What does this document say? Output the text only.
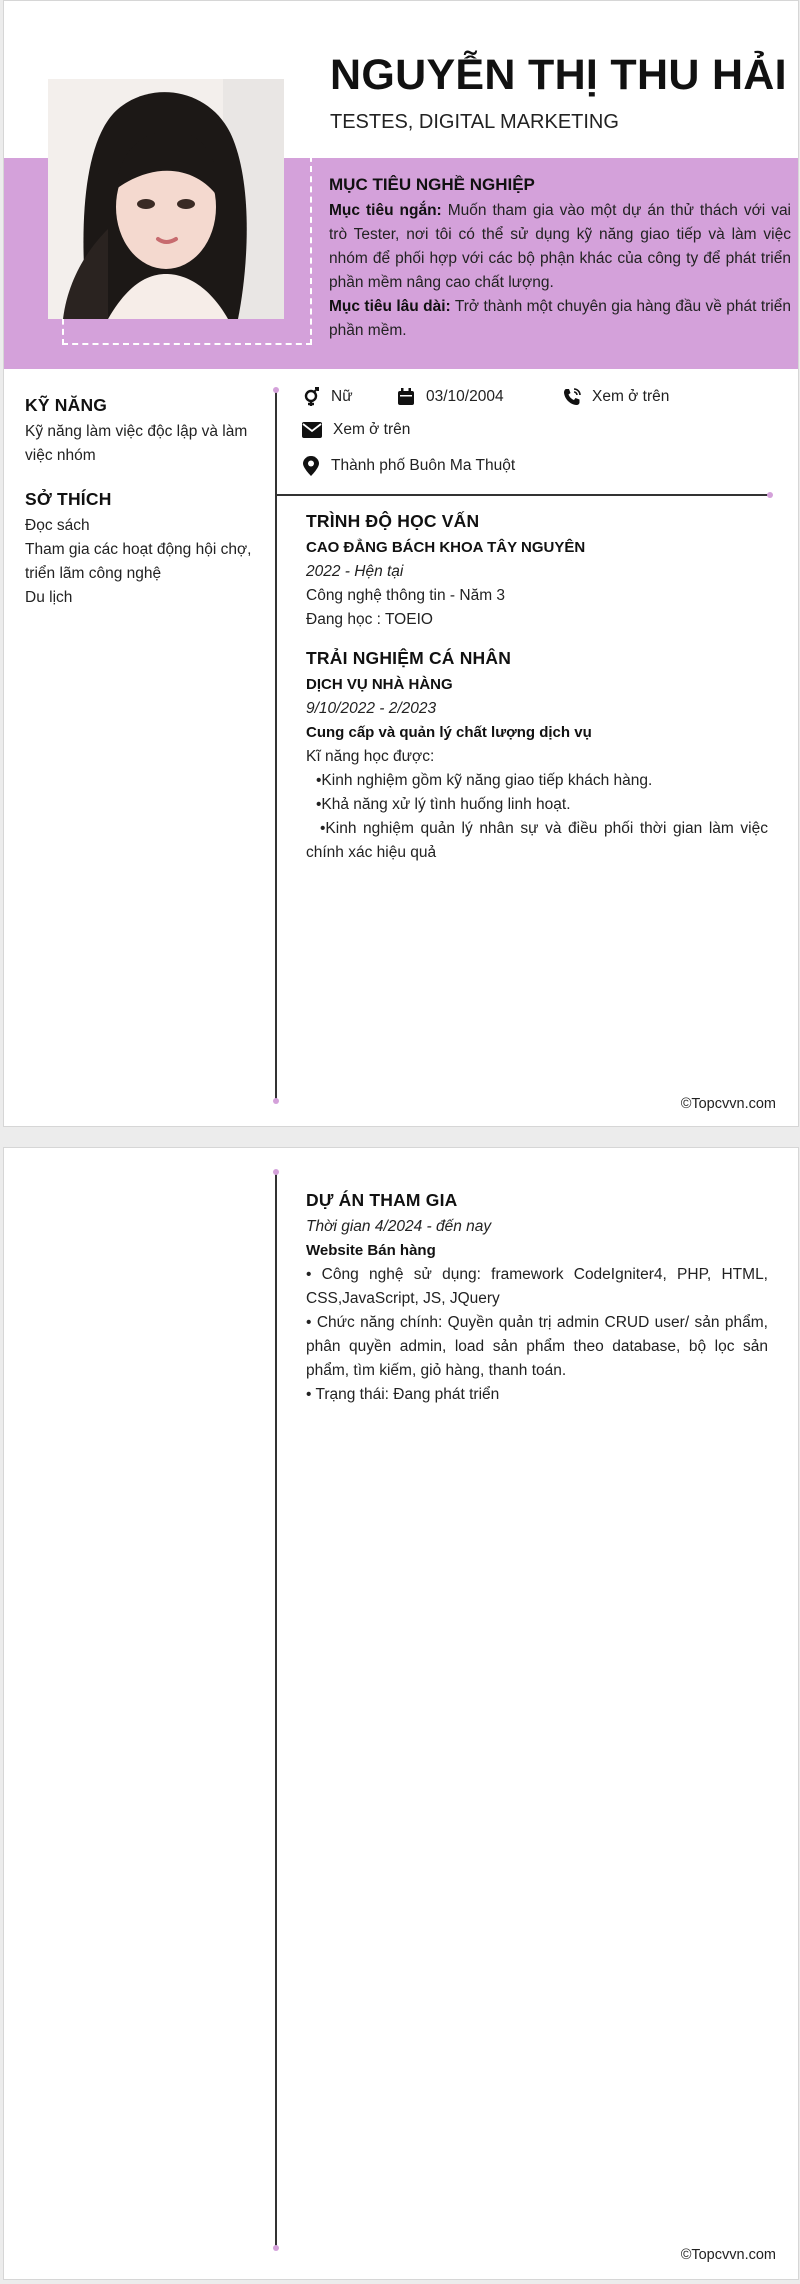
NGUYỄN THỊ THU HẢI
TESTES, DIGITAL MARKETING
MỤC TIÊU NGHỀ NGHIỆP
Mục tiêu ngắn: Muốn tham gia vào một dự án thử thách với vai trò Tester, nơi tôi có thể sử dụng kỹ năng giao tiếp và làm việc nhóm để phối hợp với các bộ phận khác của công ty để phát triển phần mềm nâng cao chất lượng.
Mục tiêu lâu dài: Trở thành một chuyên gia hàng đầu về phát triển phần mềm.
KỸ NĂNG
Kỹ năng làm việc độc lập và làm việc nhóm
SỞ THÍCH
Đọc sách
Tham gia các hoạt động hội chợ, triển lãm công nghệ
Du lịch
Nữ	03/10/2004	Xem ở trên
Xem ở trên
Thành phố Buôn Ma Thuột
TRÌNH ĐỘ HỌC VẤN
CAO ĐẲNG BÁCH KHOA TÂY NGUYÊN
2022 - Hện tại
Công nghệ thông tin - Năm 3
Đang học : TOEIO
TRẢI NGHIỆM CÁ NHÂN
DỊCH VỤ NHÀ HÀNG
9/10/2022 - 2/2023
Cung cấp và quản lý chất lượng dịch vụ
Kĩ năng học được:
•Kinh nghiệm gồm kỹ năng giao tiếp khách hàng.
•Khả năng xử lý tình huống linh hoạt.
•Kinh nghiệm quản lý nhân sự và điều phối thời gian làm việc chính xác hiệu quả
©Topcvvn.com
DỰ ÁN THAM GIA
Thời gian 4/2024 - đến nay
Website Bán hàng
• Công nghệ sử dụng: framework CodeIgniter4, PHP, HTML, CSS,JavaScript, JS, JQuery
• Chức năng chính: Quyền quản trị admin CRUD user/ sản phẩm, phân quyền admin, load sản phẩm theo database, bộ lọc sản phẩm, tìm kiếm, giỏ hàng, thanh toán.
• Trạng thái: Đang phát triển
©Topcvvn.com
